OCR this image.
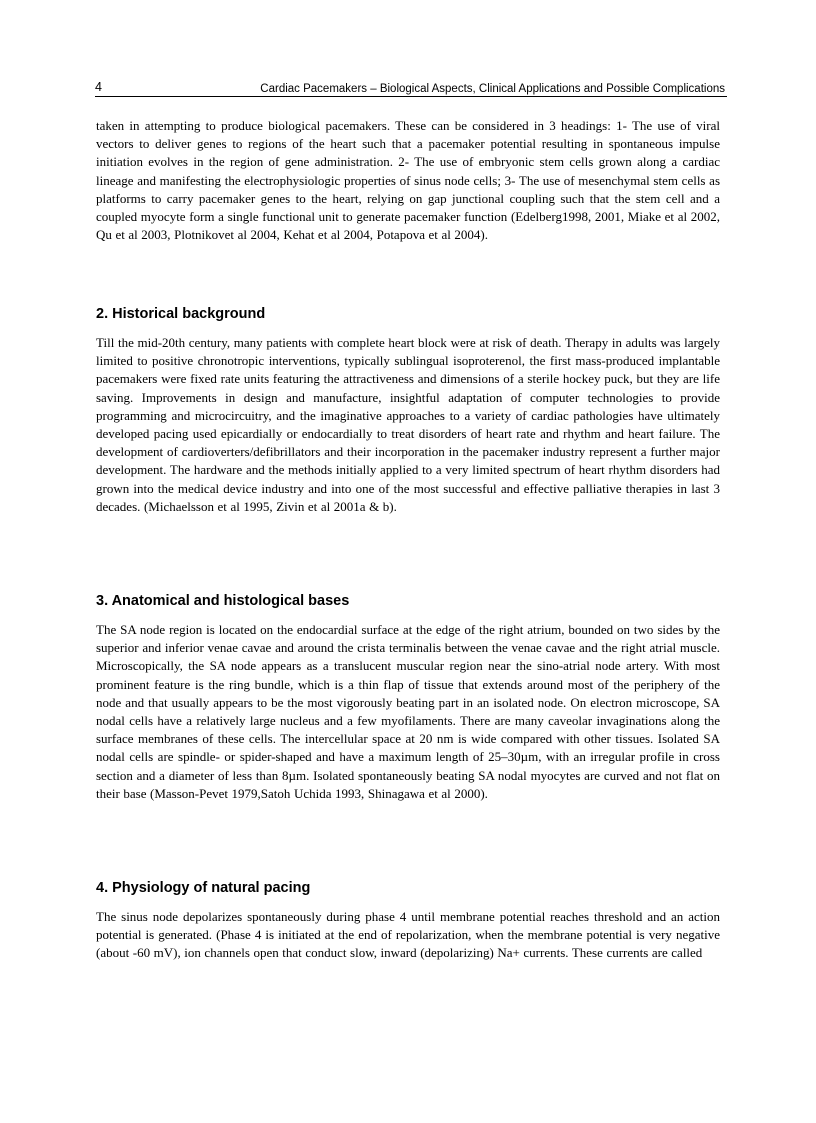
4	Cardiac Pacemakers – Biological Aspects, Clinical Applications and Possible Complications

taken in attempting to produce biological pacemakers. These can be considered in 3 headings: 1- The use of viral vectors to deliver genes to regions of the heart such that a pacemaker potential resulting in spontaneous impulse initiation evolves in the region of gene administration. 2- The use of embryonic stem cells grown along a cardiac lineage and manifesting the electrophysiologic properties of sinus node cells; 3- The use of mesenchymal stem cells as platforms to carry pacemaker genes to the heart, relying on gap junctional coupling such that the stem cell and a coupled myocyte form a single functional unit to generate pacemaker function (Edelberg1998, 2001, Miake et al 2002, Qu et al 2003, Plotnikovet al 2004, Kehat et al 2004, Potapova et al 2004).

2. Historical background

Till the mid-20th century, many patients with complete heart block were at risk of death. Therapy in adults was largely limited to positive chronotropic interventions, typically sublingual isoproterenol, the first mass-produced implantable pacemakers were fixed rate units featuring the attractiveness and dimensions of a sterile hockey puck, but they are life saving. Improvements in design and manufacture, insightful adaptation of computer technologies to provide programming and microcircuitry, and the imaginative approaches to a variety of cardiac pathologies have ultimately developed pacing used epicardially or endocardially to treat disorders of heart rate and rhythm and heart failure. The development of cardioverters/defibrillators and their incorporation in the pacemaker industry represent a further major development. The hardware and the methods initially applied to a very limited spectrum of heart rhythm disorders had grown into the medical device industry and into one of the most successful and effective palliative therapies in last 3 decades. (Michaelsson et al 1995, Zivin et al 2001a & b).

3. Anatomical and histological bases

The SA node region is located on the endocardial surface at the edge of the right atrium, bounded on two sides by the superior and inferior venae cavae and around the crista terminalis between the venae cavae and the right atrial muscle. Microscopically, the SA node appears as a translucent muscular region near the sino-atrial node artery. With most prominent feature is the ring bundle, which is a thin flap of tissue that extends around most of the periphery of the node and that usually appears to be the most vigorously beating part in an isolated node. On electron microscope, SA nodal cells have a relatively large nucleus and a few myofilaments. There are many caveolar invaginations along the surface membranes of these cells. The intercellular space at 20 nm is wide compared with other tissues. Isolated SA nodal cells are spindle- or spider-shaped and have a maximum length of 25–30µm, with an irregular profile in cross section and a diameter of less than 8µm. Isolated spontaneously beating SA nodal myocytes are curved and not flat on their base (Masson-Pevet 1979,Satoh Uchida 1993, Shinagawa et al 2000).

4. Physiology of natural pacing

The sinus node depolarizes spontaneously during phase 4 until membrane potential reaches threshold and an action potential is generated. (Phase 4 is initiated at the end of repolarization, when the membrane potential is very negative (about -60 mV), ion channels open that conduct slow, inward (depolarizing) Na+ currents. These currents are called
